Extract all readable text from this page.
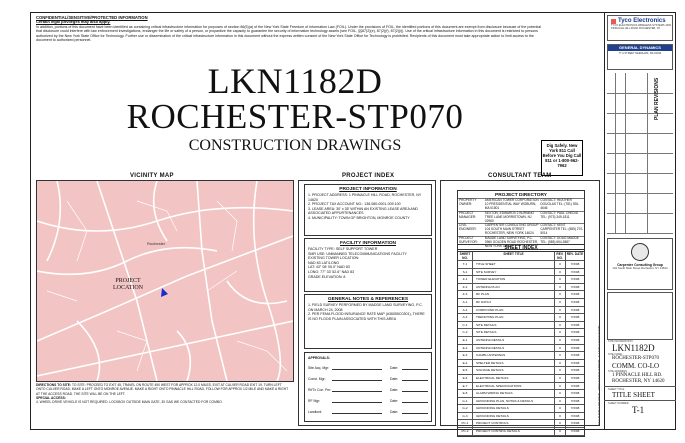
CONFIDENTIAL/SENSITIVE/PROTECTED INFORMATION
Certain legal privileges may also apply.
In addition, portions of this document have been identified as containing critical infrastructure information for purposes of section 86(5)(a) of the New York State Freedom of Information Law (FOIL). Under the provisions of FOIL, the identified portions of this document are exempt from disclosure because of the potential that disclosure could interfere with law enforcement investigations, endanger the life or safety of a person, or jeopardize the capacity to guarantee the security of information technology assets (see FOIL, §§87(2)(e), 87(2)(f), 87(2)(i)). Use of the critical infrastructure information in this document is restricted to persons authorized by the New York State Office for Technology. Further use or dissemination of the critical infrastructure information in this document without the express written consent of the New York State Office for Technology is prohibited. Recipients of this document must take appropriate action to limit access to the document to authorized personnel.
LKN1182D
ROCHESTER-STP070
CONSTRUCTION DRAWINGS	Dig Safely. New York 811 Call Before You Dig Call 811 or 1-800-962-7962
VICINITY MAP
Rochester
PROJECT LOCATION
DIRECTIONS TO SITE: TO SITE: PROCEED TO EXIT 45, TRAVEL ON ROUTE 490 WEST FOR APPROX 12.0 MILES, EXIT AT CULVER ROAD EXIT 19. TURN LEFT ONTO CULVER ROAD, MAKE A LEFT ONTO MONROE AVENUE. MAKE A RIGHT ONTO PINNACLE HILL ROAD, FOLLOW FOR APPROX 1/2 MILE AND MAKE A RIGHT AT THE ACCESS ROAD. THE SITE WILL BE ON THE LEFT.
SPECIAL ACCESS:
4. WHEEL DRIVE VEHICLE IS NOT REQUIRED. LOCKBOX OUTSIDE MAIN GATE, 30 GAS WE CONTACTED FOR COMBO.
PROJECT INDEX
PROJECT INFORMATION
1. PROJECT ADDRESS: 1 PINNACLE HILL ROAD, ROCHESTER, NY 14620
2. PROJECT TAX ACCOUNT NO.: 136.080-0001-009.100
3. LEASE AREA: 30' x 35' WITHIN AN EXISTING LEASE AREA AND ASSOCIATED APPURTENANCES
4. MUNICIPALITY: TOWN OF BRIGHTON, MONROE COUNTY
FACILITY INFORMATION
FACILITY TYPE: SELF SUPPORT TOWER
SMR USE: UNMANNED TELECOMMUNICATIONS FACILITY
EXISTING TOWER LOCATION:
NAD 83 LAT/LONG
LAT: 43° 08' 05.0" NAD 83
LONG: 77° 33' 52.6" NAD 83
GRADE ELEVATION: 8
GENERAL NOTES & REFERENCES
1. FIELD SURVEY PERFORMED BY MADDE LAND SURVEYING, P.C. ON MARCH 24, 2008
2. PER FEMA FLOOD INSURANCE RATE MAP (#36055C0301), THERE IS NO FLOOD PLAIN ASSOCIATED WITH THIS AREA
APPROVALS:
Site Acq. Mgr:	Date:
Const. Mgr:	Date:
Rf/Tx Con. Pm:	Date:
RF Mgr:	Date:
Landlord:	Date:
CONSULTANT TEAM
PROJECT DIRECTORY
PROPERTY OWNER:
AMERICAN TOWER CORPORATION 10 PRESIDENTIAL WAY WOBURN, MA 01801
CONTACT: HEATHER DOUGLAS TEL: (781) 926-4646
PROJECT MANAGER:
SEXTON, EDWARDS 2 BURNING TREE LANE MORRISTOWN, NJ 02960
CONTACT: PAUL CHEDID TEL: (973) 349-1811
CIVIL ENGINEER:
CARPENTER CONSULTING GROUP 104 SOUTH MAIN STREET ROCHESTER, NEW YORK 14624
CONTACT: KENT CARPENTER TEL: (585) 270-5014
PROJECT SURVEYOR:
MADDE LAND SURVEYING, P.C. 3960 GOLDEN ROAD ROCHESTER, NEW YORK 14612
CONTACT: DOUG MADDE TEL: (585) 654-3887
SHEET INDEX
SHEET NO.
SHEET TITLE	REV. NO.
REV. DATE
T-1	TITLE SHEET	0	7/3/08
S-1	SITE SURVEY	0	7/3/08
Z-1	TOWER ELEVATION	0	7/3/08
Z-2	ANTENNA PLAN	0	7/3/08
Z-3	RF PLAN	0	7/3/08
A-1	RF DATA II	0	7/3/08
A-2	COMPOUND PLAN	0	7/3/08
A-3	TRENCHING PLAN	0	7/3/08
C-1	SITE DETAILS	0	7/3/08
C-2	SITE DETAILS	0	7/3/08
E-1	ANTENNA DETAILS	0	7/3/08
E-2	ANTENNA DETAILS	0	7/3/08
E-3	CAN/BU ANTENNAS	0	7/3/08
E-4	SHELTER DETAILS	0	7/3/08
E-5	SIGNAGE DETAILS	0	7/3/08
E-6	ELECTRICAL DETAILS	0	7/3/08
E-7	ELECTRICAL SPECIFICATIONS	0	7/3/08
E-8	ALARM WIRING DETAILS	0	7/3/08
G-1	GROUNDING PLAN, NOTES & DETAILS	0	7/3/08
G-2	GROUNDING DETAILS	0	7/3/08
G-3	GROUNDING DETAILS	0	7/3/08
PC-1	PROJECT CONTROLS	0	7/3/08
PC-2	PROJECT CONTROL DETAILS	0	7/3/08
Tyco Electronics
TYCO ELECTRONICS WIRELESS SYSTEMS 1000 PINNACLE HILL ROAD ROCHESTER, NY
GENERAL DYNAMICS
77 A STREET NEEDHAM, MA 02494
PLAN REVISIONS
Carpenter Consulting Group
104 South Main Street Rochester, NY 14624
SITE INFORMATION
LKN1182D
SITE NAME
ROCHESTER-STP070
COMM. CO-LO
SITE ADDRESS
1 PINNACLE HILL RD.
ROCHESTER, NY 14620
SHEET TITLE
TITLE SHEET
SHEET NUMBER
T-1
FILE NAME: LKN1182D - ROCHESTER-STP070 - T-1 TITLE SHEET.DWG
